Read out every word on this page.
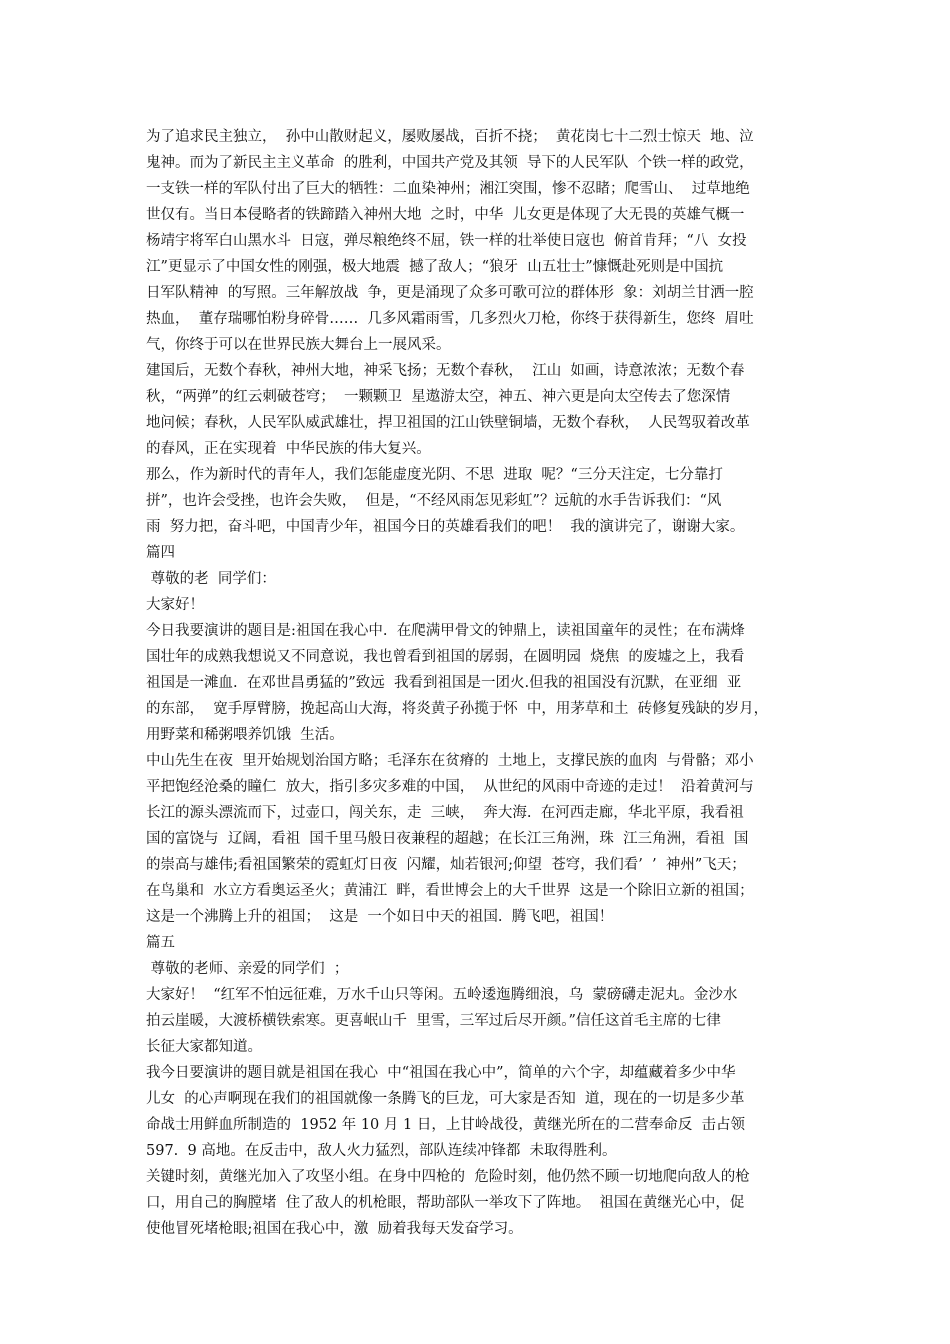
为了追求民主独立，  孙中山散财起义，屡败屡战，百折不挠；  黄花岗七十二烈士惊天  地、泣
鬼神。而为了新民主主义革命  的胜利，中国共产党及其领  导下的人民军队  个铁一样的政党，
一支铁一样的军队付出了巨大的牺牲：二血染神州；湘江突围，惨不忍睹；爬雪山、  过草地绝
世仅有。当日本侵略者的铁蹄踏入神州大地  之时，中华  儿女更是体现了大无畏的英雄气概一
杨靖宇将军白山黑水斗  日寇，弹尽粮绝终不屈，铁一样的壮举使日寇也  俯首肯拜；“八  女投
江”更显示了中国女性的刚强，极大地震  撼了敌人；“狼牙  山五壮士”慷慨赴死则是中国抗
日军队精神  的写照。三年解放战  争，更是涌现了众多可歌可泣的群体形  象：刘胡兰甘洒一腔
热血，  董存瑞哪怕粉身碎骨……  几多风霜雨雪，几多烈火刀枪，你终于获得新生，您终  眉吐
气，你终于可以在世界民族大舞台上一展风采。
建国后，无数个春秋，神州大地，神采飞扬；无数个春秋，  江山  如画，诗意浓浓；无数个春
秋，“两弹”的红云刺破苍穹；  一颗颗卫  星遨游太空，神五、神六更是向太空传去了您深情
地问候；春秋，人民军队威武雄壮，捍卫祖国的江山铁壁铜墙，无数个春秋，  人民驾驭着改革
的春风，正在实现着  中华民族的伟大复兴。
那么，作为新时代的青年人，我们怎能虚度光阴、不思  进取  呢？“三分天注定，七分靠打
拼”，也许会受挫，也许会失败，  但是，“不经风雨怎见彩虹”？远航的水手告诉我们：“风
雨  努力把，奋斗吧，中国青少年，祖国今日的英雄看我们的吧！  我的演讲完了，谢谢大家。
篇四
尊敬的老  同学们：
大家好！
今日我要演讲的题目是:祖国在我心中.  在爬满甲骨文的钟鼎上，读祖国童年的灵性；在布满烽
国壮年的成熟我想说又不同意说，我也曾看到祖国的孱弱，在圆明园  烧焦  的废墟之上，我看
祖国是一滩血.  在邓世昌勇猛的”致远  我看到祖国是一团火.但我的祖国没有沉默，在亚细  亚
的东部，  宽手厚臂膀，挽起高山大海，将炎黄子孙揽于怀  中，用茅草和土  砖修复残缺的岁月，
用野菜和稀粥喂养饥饿  生活。
中山先生在夜  里开始规划治国方略；毛泽东在贫瘠的  土地上，支撑民族的血肉  与骨骼；邓小
平把饱经沧桑的瞳仁  放大，指引多灾多难的中国，  从世纪的风雨中奇迹的走过！  沿着黄河与
长江的源头漂流而下，过壶口，闯关东，走  三峡，  奔大海.  在河西走廊，华北平原，我看祖
国的富饶与  辽阔，看祖  国千里马般日夜兼程的超越；在长江三角洲，珠  江三角洲，看祖  国
的崇高与雄伟;看祖国繁荣的霓虹灯日夜  闪耀，灿若银河;仰望  苍穹，我们看’  ’  神州”飞天；
在鸟巢和  水立方看奥运圣火；黄浦江  畔，看世博会上的大千世界  这是一个除旧立新的祖国；
这是一个沸腾上升的祖国；  这是  一个如日中天的祖国.  腾飞吧，祖国！
篇五
尊敬的老师、亲爱的同学们  ；
大家好！  “红军不怕远征难，万水千山只等闲。五岭逶迤腾细浪，乌  蒙磅礴走泥丸。金沙水
拍云崖暖，大渡桥横铁索寒。更喜岷山千  里雪，三军过后尽开颜。”信任这首毛主席的七律
长征大家都知道。
我今日要演讲的题目就是祖国在我心  中“祖国在我心中”，简单的六个字，却蕴藏着多少中华
儿女  的心声啊现在我们的祖国就像一条腾飞的巨龙，可大家是否知  道，现在的一切是多少革
命战士用鲜血所制造的  1952 年 10 月 1 日，上甘岭战役，黄继光所在的二营奉命反  击占领
597.  9 高地。在反击中，敌人火力猛烈，部队连续冲锋都  未取得胜利。
关键时刻，黄继光加入了攻坚小组。在身中四枪的  危险时刻，他仍然不顾一切地爬向敌人的枪
口，用自己的胸膛堵  住了敌人的机枪眼，帮助部队一举攻下了阵地。  祖国在黄继光心中，促
使他冒死堵枪眼;祖国在我心中，激  励着我每天发奋学习。
